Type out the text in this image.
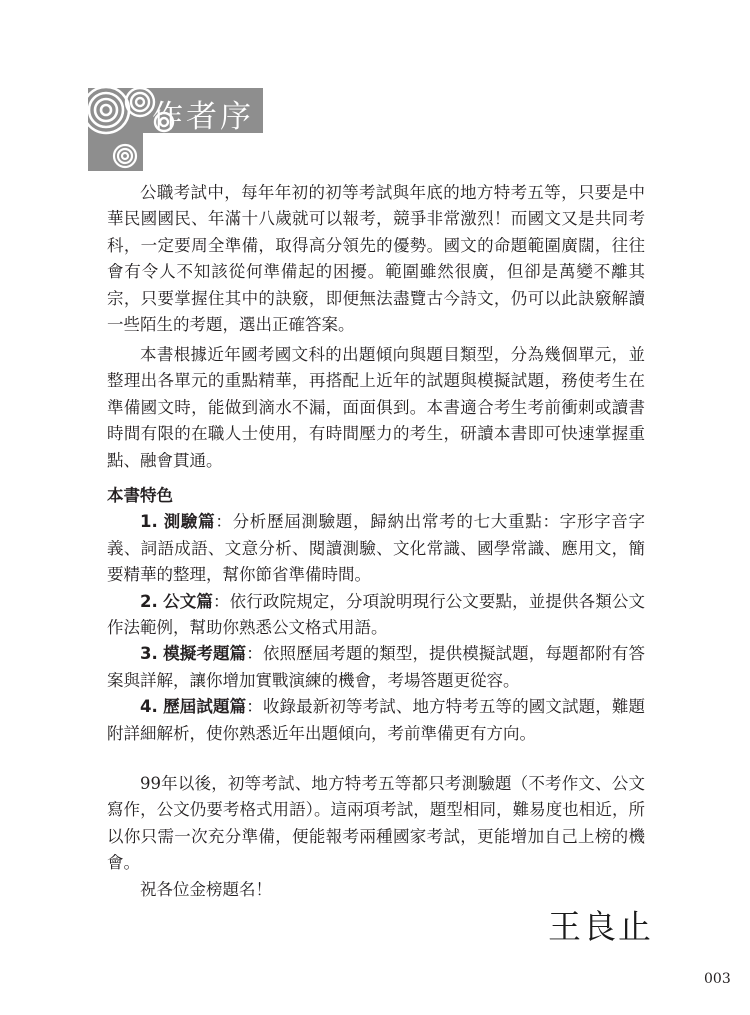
作者序

公職考試中，每年年初的初等考試與年底的地方特考五等，只要是中華民國國民、年滿十八歲就可以報考，競爭非常激烈！而國文又是共同考科，一定要周全準備，取得高分領先的優勢。國文的命題範圍廣闊，往往會有令人不知該從何準備起的困擾。範圍雖然很廣，但卻是萬變不離其宗，只要掌握住其中的訣竅，即便無法盡覽古今詩文，仍可以此訣竅解讀一些陌生的考題，選出正確答案。

本書根據近年國考國文科的出題傾向與題目類型，分為幾個單元，並整理出各單元的重點精華，再搭配上近年的試題與模擬試題，務使考生在準備國文時，能做到滴水不漏，面面俱到。本書適合考生考前衝刺或讀書時間有限的在職人士使用，有時間壓力的考生，研讀本書即可快速掌握重點、融會貫通。

本書特色

1. 測驗篇：分析歷屆測驗題，歸納出常考的七大重點：字形字音字義、詞語成語、文意分析、閱讀測驗、文化常識、國學常識、應用文，簡要精華的整理，幫你節省準備時間。

2. 公文篇：依行政院規定，分項說明現行公文要點，並提供各類公文作法範例，幫助你熟悉公文格式用語。

3. 模擬考題篇：依照歷屆考題的類型，提供模擬試題，每題都附有答案與詳解，讓你增加實戰演練的機會，考場答題更從容。

4. 歷屆試題篇：收錄最新初等考試、地方特考五等的國文試題，難題附詳細解析，使你熟悉近年出題傾向，考前準備更有方向。

99年以後，初等考試、地方特考五等都只考測驗題（不考作文、公文寫作，公文仍要考格式用語）。這兩項考試，題型相同，難易度也相近，所以你只需一次充分準備，便能報考兩種國家考試，更能增加自己上榜的機會。

祝各位金榜題名！

王良止
003
